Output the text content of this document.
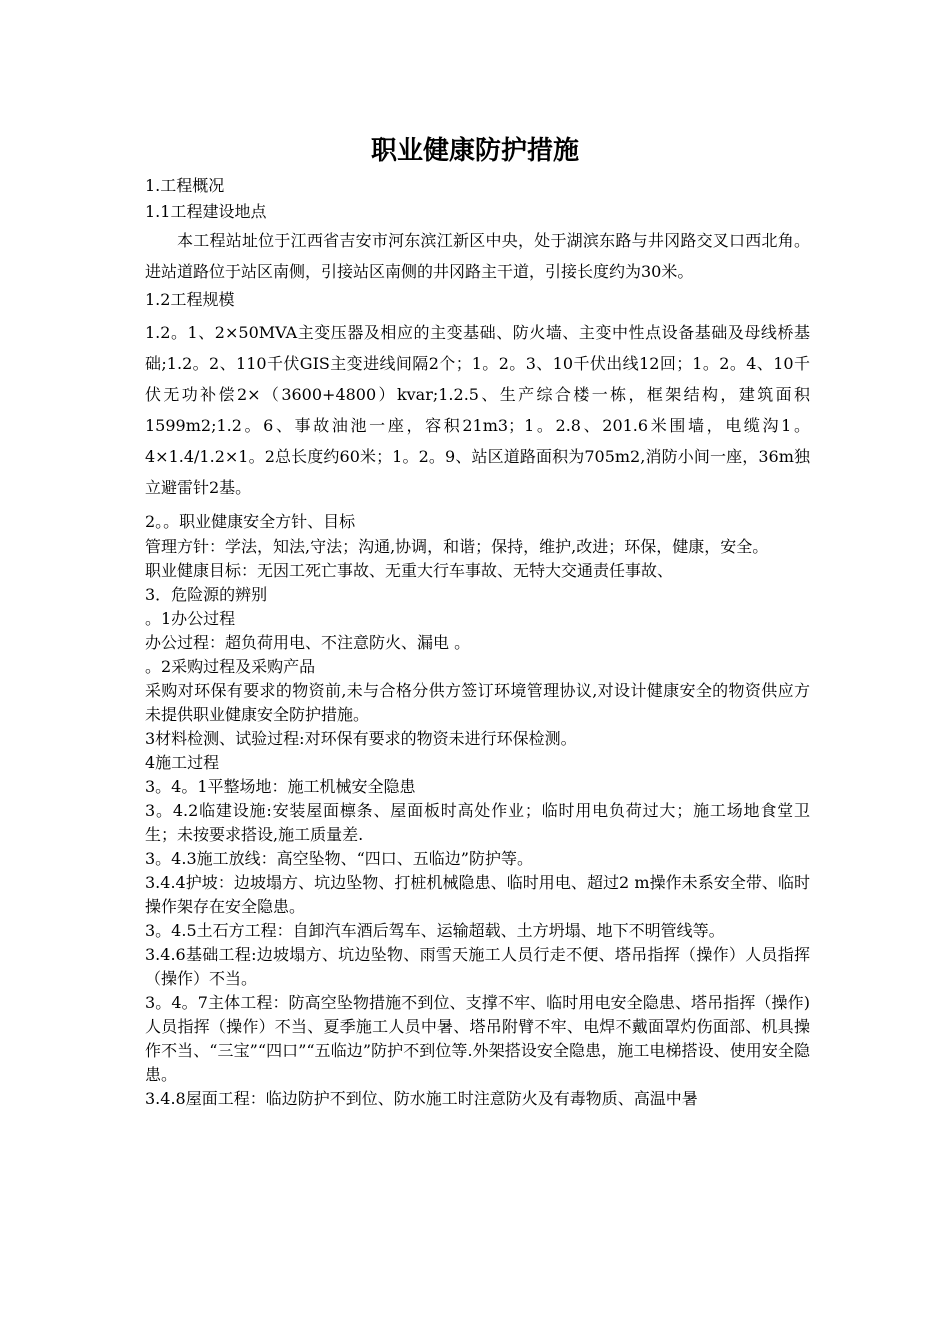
职业健康防护措施

1.工程概况

1.1工程建设地点

本工程站址位于江西省吉安市河东滨江新区中央，处于湖滨东路与井冈路交叉口西北角。进站道路位于站区南侧，引接站区南侧的井冈路主干道，引接长度约为30米。

1.2工程规模

1.2。1、2×50MVA主变压器及相应的主变基础、防火墙、主变中性点设备基础及母线桥基础;1.2。2、110千伏GIS主变进线间隔2个；1。2。3、10千伏出线12回；1。2。4、10千伏无功补偿2×（3600+4800）kvar;1.2.5、生产综合楼一栋，框架结构，建筑面积1599m2;1.2。6、事故油池一座，容积21m3；1。2.8、201.6米围墙，电缆沟1。4×1.4/1.2×1。2总长度约60米；1。2。9、站区道路面积为705m2,消防小间一座，36m独立避雷针2基。

2。。职业健康安全方针、目标

管理方针：学法，知法,守法；沟通,协调，和谐；保持，维护,改进；环保，健康，安全。

职业健康目标：无因工死亡事故、无重大行车事故、无特大交通责任事故、

3．危险源的辨别

。1办公过程

办公过程：超负荷用电、不注意防火、漏电 。

。2采购过程及采购产品

采购对环保有要求的物资前,未与合格分供方签订环境管理协议,对设计健康安全的物资供应方未提供职业健康安全防护措施。

3材料检测、试验过程:对环保有要求的物资未进行环保检测。

4施工过程

3。4。1平整场地：施工机械安全隐患

3。4.2临建设施:安装屋面檩条、屋面板时高处作业；临时用电负荷过大；施工场地食堂卫生；未按要求搭设,施工质量差.

3。4.3施工放线：高空坠物、“四口、五临边”防护等。

3.4.4护坡：边坡塌方、坑边坠物、打桩机械隐患、临时用电、超过2 m操作未系安全带、临时操作架存在安全隐患。

3。4.5土石方工程：自卸汽车酒后驾车、运输超载、土方坍塌、地下不明管线等。

3.4.6基础工程:边坡塌方、坑边坠物、雨雪天施工人员行走不便、塔吊指挥（操作）人员指挥（操作）不当。

3。4。7主体工程：防高空坠物措施不到位、支撑不牢、临时用电安全隐患、塔吊指挥（操作)人员指挥（操作）不当、夏季施工人员中暑、塔吊附臂不牢、电焊不戴面罩灼伤面部、机具操作不当、“三宝”“四口”“五临边”防护不到位等.外架搭设安全隐患，施工电梯搭设、使用安全隐患。

3.4.8屋面工程：临边防护不到位、防水施工时注意防火及有毒物质、高温中暑
